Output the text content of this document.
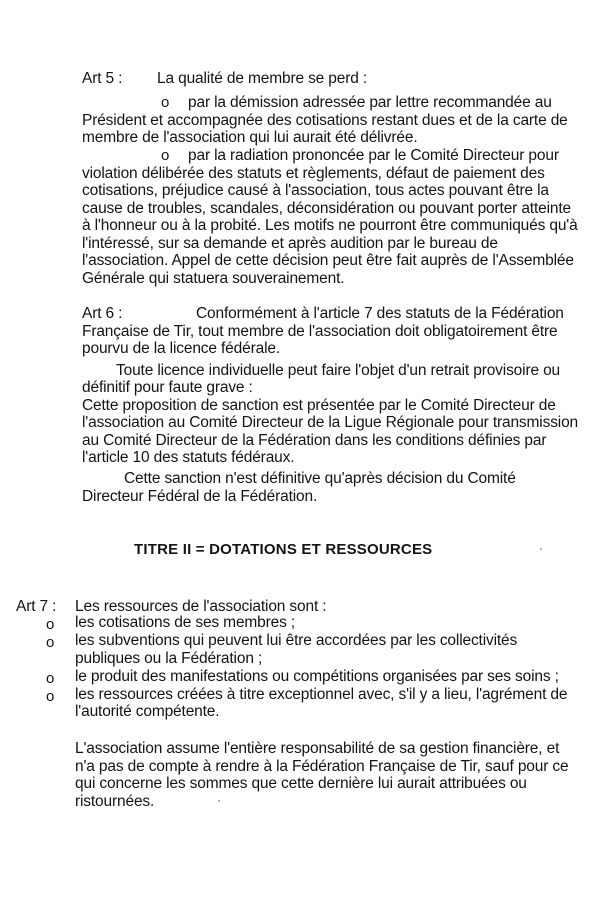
Art 5 : La qualité de membre se perd :
o par la démission adressée par lettre recommandée au
Président et accompagnée des cotisations restant dues et de la carte de
membre de l'association qui lui aurait été délivrée.
o par la radiation prononcée par le Comité Directeur pour
violation délibérée des statuts et règlements, défaut de paiement des
cotisations, préjudice causé à l'association, tous actes pouvant être la
cause de troubles, scandales, déconsidération ou pouvant porter atteinte
à l'honneur ou à la probité. Les motifs ne pourront être communiqués qu'à
l'intéressé, sur sa demande et après audition par le bureau de
l'association. Appel de cette décision peut être fait auprès de l'Assemblée
Générale qui statuera souverainement.
Art 6 :	Conformément à l'article 7 des statuts de la Fédération
Française de Tir, tout membre de l'association doit obligatoirement être
pourvu de la licence fédérale.
Toute licence individuelle peut faire l'objet d'un retrait provisoire ou
définitif pour faute grave :
Cette proposition de sanction est présentée par le Comité Directeur de
l'association au Comité Directeur de la Ligue Régionale pour transmission
au Comité Directeur de la Fédération dans les conditions définies par
l'article 10 des statuts fédéraux.
Cette sanction n'est définitive qu'après décision du Comité
Directeur Fédéral de la Fédération.
TITRE II = DOTATIONS ET RESSOURCES
Art 7 : Les ressources de l'association sont :
o les cotisations de ses membres ;
o les subventions qui peuvent lui être accordées par les collectivités
publiques ou la Fédération ;
o le produit des manifestations ou compétitions organisées par ses soins ;
o les ressources créées à titre exceptionnel avec, s'il y a lieu, l'agrément de
l'autorité compétente.
L'association assume l'entière responsabilité de sa gestion financière, et
n'a pas de compte à rendre à la Fédération Française de Tir, sauf pour ce
qui concerne les sommes que cette dernière lui aurait attribuées ou
ristournées.
